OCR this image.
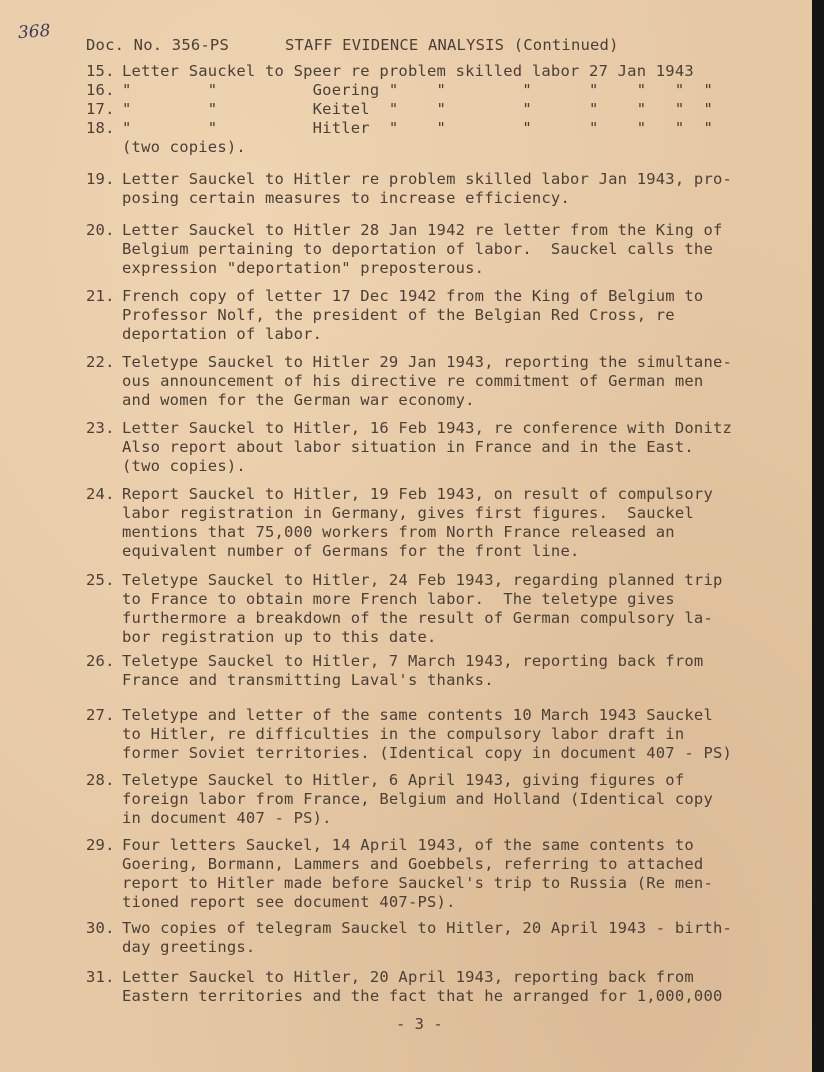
368
Doc. No. 356-PS	STAFF EVIDENCE ANALYSIS (Continued)
15. Letter Sauckel to Speer re problem skilled labor 27 Jan 1943
16. "        "          Goering "    "        "      "    "   "  "
17. "        "          Keitel  "    "        "      "    "   "  "
18. "        "          Hitler  "    "        "      "    "   "  "
(two copies).
19. Letter Sauckel to Hitler re problem skilled labor Jan 1943, pro-
posing certain measures to increase efficiency.
20. Letter Sauckel to Hitler 28 Jan 1942 re letter from the King of
Belgium pertaining to deportation of labor.  Sauckel calls the
expression "deportation" preposterous.
21. French copy of letter 17 Dec 1942 from the King of Belgium to
Professor Nolf, the president of the Belgian Red Cross, re
deportation of labor.
22. Teletype Sauckel to Hitler 29 Jan 1943, reporting the simultane-
ous announcement of his directive re commitment of German men
and women for the German war economy.
23. Letter Sauckel to Hitler, 16 Feb 1943, re conference with Donitz
Also report about labor situation in France and in the East.
(two copies).
24. Report Sauckel to Hitler, 19 Feb 1943, on result of compulsory
labor registration in Germany, gives first figures.  Sauckel
mentions that 75,000 workers from North France released an
equivalent number of Germans for the front line.
25. Teletype Sauckel to Hitler, 24 Feb 1943, regarding planned trip
to France to obtain more French labor.  The teletype gives
furthermore a breakdown of the result of German compulsory la-
bor registration up to this date.
26. Teletype Sauckel to Hitler, 7 March 1943, reporting back from
France and transmitting Laval's thanks.
27. Teletype and letter of the same contents 10 March 1943 Sauckel
to Hitler, re difficulties in the compulsory labor draft in
former Soviet territories. (Identical copy in document 407 - PS)
28. Teletype Sauckel to Hitler, 6 April 1943, giving figures of
foreign labor from France, Belgium and Holland (Identical copy
in document 407 - PS).
29. Four letters Sauckel, 14 April 1943, of the same contents to
Goering, Bormann, Lammers and Goebbels, referring to attached
report to Hitler made before Sauckel's trip to Russia (Re men-
tioned report see document 407-PS).
30. Two copies of telegram Sauckel to Hitler, 20 April 1943 - birth-
day greetings.
31. Letter Sauckel to Hitler, 20 April 1943, reporting back from
Eastern territories and the fact that he arranged for 1,000,000
- 3 -
